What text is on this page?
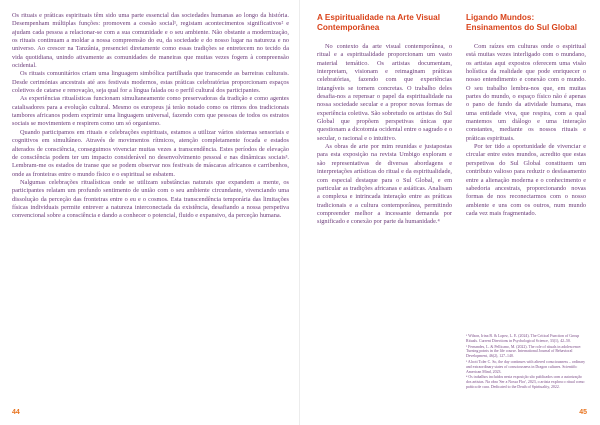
Os rituais e práticas espirituais têm sido uma parte essencial das sociedades humanas ao longo da história. Desempenham múltiplas funções: promovem a coesão social¹, registam acontecimentos significativos² e ajudam cada pessoa a relacionar-se com a sua comunidade e o seu ambiente. Não obstante a modernização, os rituais continuam a moldar a nossa compreensão do eu, da sociedade e do nosso lugar na natureza e no universo. Ao crescer na Tanzânia, presenciei diretamente como essas tradições se entretecem no tecido da vida quotidiana, unindo ativamente as comunidades de maneiras que muitas vezes fogem à compreensão ocidental.

Os rituais comunitários criam uma linguagem simbólica partilhada que transcende as barreiras culturais. Desde cerimónias ancestrais até aos festivais modernos, estas práticas celebratórias proporcionam espaços coletivos de catarse e renovação, seja qual for a língua falada ou o perfil cultural dos participantes.

As experiências ritualísticas funcionam simultaneamente como preservadoras da tradição e como agentes catalisadores para a evolução cultural. Mesmo os europeus já terão notado como os ritmos dos tradicionais tambores africanos podem exprimir uma linguagem universal, fazendo com que pessoas de todos os estratos sociais se movimentem e respirem como um só organismo.

Quando participamos em rituais e celebrações espirituais, estamos a utilizar vários sistemas sensoriais e cognitivos em simultâneo. Através de movimentos rítmicos, atenção completamente focada e estados alterados de consciência, conseguimos vivenciar muitas vezes a transcendência. Estes períodos de elevação de consciência podem ter um impacto considerável no desenvolvimento pessoal e nas dinâmicas sociais³. Lembram-me os estados de transe que se podem observar nos festivais de máscaras africanos e carribenhos, onde as fronteiras entre o mundo físico e o espiritual se esbatem.

Nalgumas celebrações ritualísticas onde se utilizam substâncias naturais que expandem a mente, os participantes relatam um profundo sentimento de união com o seu ambiente circundante, vivenciando uma dissolução da perceção das fronteiras entre o eu e o cosmos. Esta transcendência temporária das limitações físicas individuais permite entrever a natureza interconectada da existência, desafiando a nossa perspetiva convencional sobre a consciência e dando a conhecer o potencial, fluido e expansivo, da perceção humana.

A Espiritualidade na Arte Visual Contemporânea

No contexto da arte visual contemporânea, o ritual e a espiritualidade proporcionam um vasto material temático. Os artistas documentam, interpretam, visionam e reimaginam práticas celebratórias, fazendo com que experiências intangíveis se tornem concretas. O trabalho deles desafia-nos a repensar o papel da espiritualidade na nossa sociedade secular e a propor novas formas de experiência coletiva. São sobretudo os artistas do Sul Global que propõem perspetivas únicas que questionam a dicotomia ocidental entre o sagrado e o secular, o racional e o intuitivo.

As obras de arte por mim reunidas e justapostas para esta exposição na revista Umbigo exploram e são representativas de diversas abordagens e interpretações artísticas do ritual e da espiritualidade, com especial destaque para o Sul Global, e em particular as tradições africanas e asiáticas. Analisam a complexa e intrincada interação entre as práticas tradicionais e a cultura contemporânea, permitindo compreender melhor a incessante demanda por significado e conexão por parte da humanidade.⁴

Ligando Mundos: Ensinamentos do Sul Global

Com raízes em culturas onde o espiritual está muitas vezes interligado com o mundano, os artistas aqui expostos oferecem uma visão holística da realidade que pode enriquecer o nosso entendimento e conexão com o mundo. O seu trabalho lembra-nos que, em muitas partes do mundo, o espaço físico não é apenas o pano de fundo da atividade humana, mas uma entidade viva, que respira, com a qual mantemos um diálogo e uma interação constantes, mediante os nossos rituais e práticas espirituais.

Por ter tido a oportunidade de vivenciar e circular entre estes mundos, acredito que estas perspetivas do Sul Global constituem um contributo valioso para reduzir o desfasamento entre a alienação moderna e o conhecimento e sabedoria ancestrais, proporcionando novas formas de nos reconectarmos com o nosso ambiente e uns com os outros, num mundo cada vez mais fragmentado.

¹ Wilson, Irina B. & Lopez, L. E. (2024). The Critical Function of Group Rituals. Current Directions in Psychological Science, 33(1), 42–50.

² Fernandes, L. & Pellicano, M. (2022). The role of rituals in adolescence: Turning points in the life course. International Journal of Behavioral Development, 46(2), 127–140.

³ Alcott Toler C. So, the day continues with altered consciousness – ordinary and extraordinary states of consciousness in Dragon cultures. Scientific American Mind, 2023.

⁴ Os trabalhos incluídos nesta exposição são publicados com a autorização dos artistas. Na obra 'Ser a Nossa Flor', 2023, o artista explora o ritual como prática de cura. Dedicated to the Death of Spirituality, 2022.

44	45
